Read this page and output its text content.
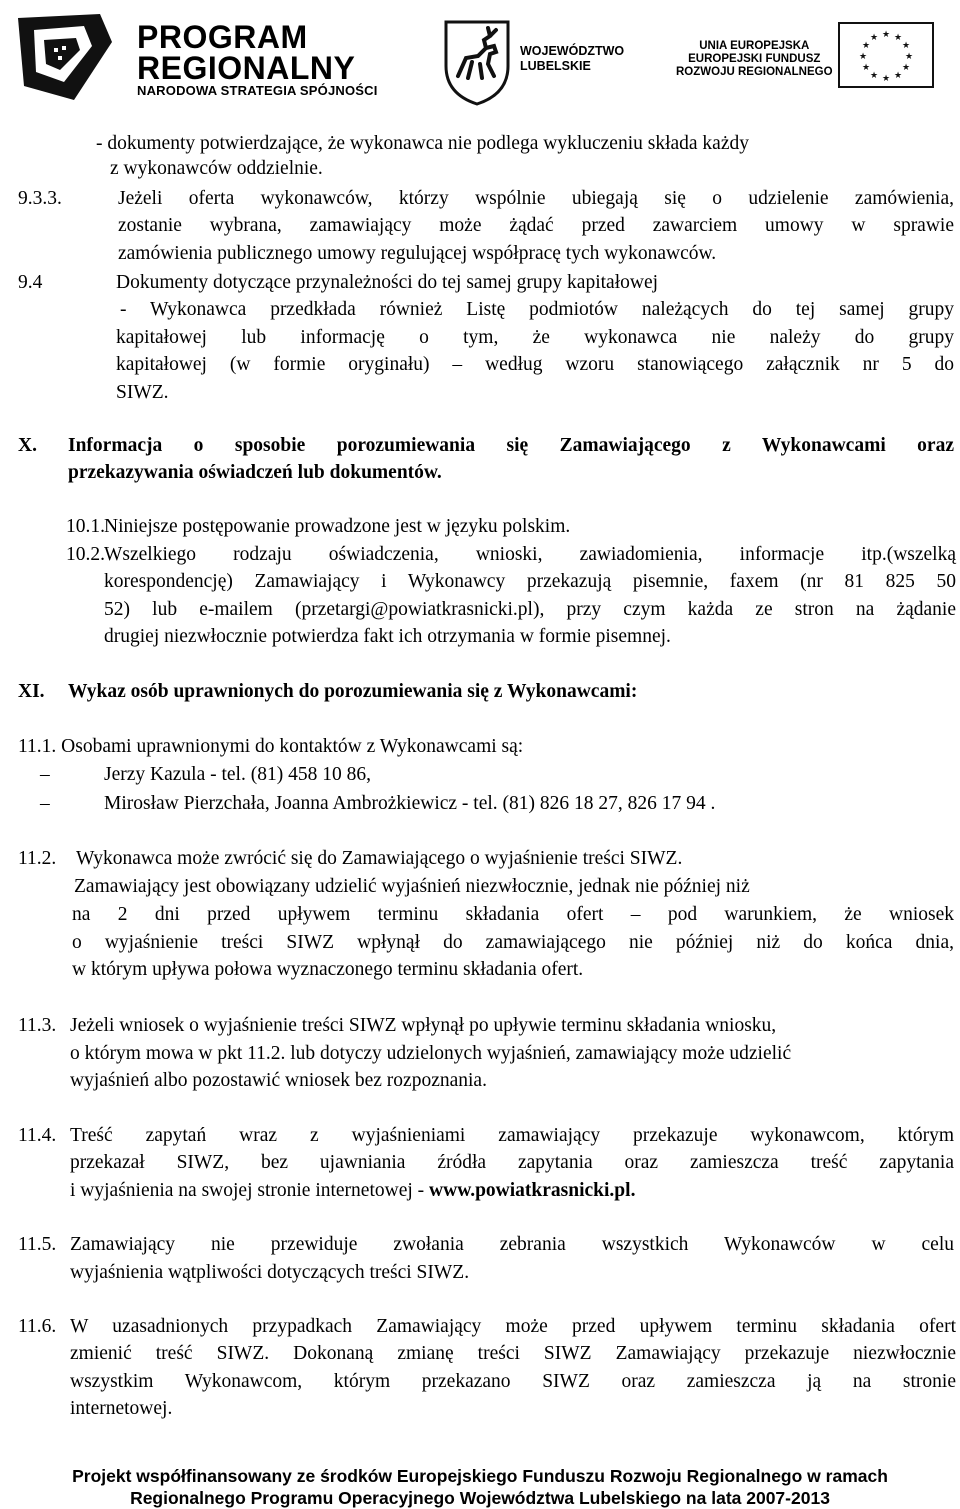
PROGRAM
REGIONALNY
NARODOWA STRATEGIA SPÓJNOŚCI
WOJEWÓDZTWO
LUBELSKIE
UNIA EUROPEJSKA
EUROPEJSKI FUNDUSZ
ROZWOJU REGIONALNEGO
★ ★
★
★
★
★
★
★
★
★
★
★
- dokumenty potwierdzające, że wykonawca nie podlega wykluczeniu składa każdy
z wykonawców oddzielnie.
9.3.3.	Jeżeli oferta wykonawców, którzy wspólnie ubiegają się o udzielenie zamówienia,
zostanie wybrana, zamawiający może żądać przed zawarciem umowy w sprawie
zamówienia publicznego umowy regulującej współpracę tych wykonawców.
9.4	Dokumenty dotyczące przynależności do tej samej grupy kapitałowej
- Wykonawca przedkłada również Listę podmiotów należących do tej samej grupy
kapitałowej lub informację o tym, że wykonawca nie należy do grupy
kapitałowej (w formie oryginału) – według wzoru stanowiącego załącznik nr 5 do
SIWZ.
X. Informacja o sposobie porozumiewania się Zamawiającego z Wykonawcami oraz
przekazywania oświadczeń lub dokumentów.
10.1. Niniejsze postępowanie prowadzone jest w języku polskim.
10.2. Wszelkiego rodzaju oświadczenia, wnioski, zawiadomienia, informacje itp.(wszelką
korespondencję) Zamawiający i Wykonawcy przekazują pisemnie, faxem (nr 81 825 50
52) lub e-mailem (przetargi@powiatkrasnicki.pl), przy czym każda ze stron na żądanie
drugiej niezwłocznie potwierdza fakt ich otrzymania w formie pisemnej.
XI. Wykaz osób uprawnionych do porozumiewania się z Wykonawcami:
11.1. Osobami uprawnionymi do kontaktów z Wykonawcami są:
–	Jerzy Kazula - tel. (81) 458 10 86,
–	Mirosław Pierzchała, Joanna Ambrożkiewicz - tel. (81) 826 18 27, 826 17 94 .
11.2. Wykonawca może zwrócić się do Zamawiającego o wyjaśnienie treści SIWZ.
Zamawiający jest obowiązany udzielić wyjaśnień niezwłocznie, jednak nie później niż
na 2 dni przed upływem terminu składania ofert – pod warunkiem, że wniosek
o wyjaśnienie treści SIWZ wpłynął do zamawiającego nie później niż do końca dnia,
w którym upływa połowa wyznaczonego terminu składania ofert.
11.3. Jeżeli wniosek o wyjaśnienie treści SIWZ wpłynął po upływie terminu składania wniosku,
o którym mowa w pkt 11.2. lub dotyczy udzielonych wyjaśnień, zamawiający może udzielić
wyjaśnień albo pozostawić wniosek bez rozpoznania.
11.4. Treść zapytań wraz z wyjaśnieniami zamawiający przekazuje wykonawcom, którym
przekazał SIWZ, bez ujawniania źródła zapytania oraz zamieszcza treść zapytania
i wyjaśnienia na swojej stronie internetowej - www.powiatkrasnicki.pl.
11.5. Zamawiający nie przewiduje zwołania zebrania wszystkich Wykonawców w celu
wyjaśnienia wątpliwości dotyczących treści SIWZ.
11.6. W uzasadnionych przypadkach Zamawiający może przed upływem terminu składania ofert
zmienić treść SIWZ. Dokonaną zmianę treści SIWZ Zamawiający przekazuje niezwłocznie
wszystkim Wykonawcom, którym przekazano SIWZ oraz zamieszcza ją na stronie
internetowej.
Projekt współfinansowany ze środków Europejskiego Funduszu Rozwoju Regionalnego w ramach
Regionalnego Programu Operacyjnego Województwa Lubelskiego na lata 2007-2013
